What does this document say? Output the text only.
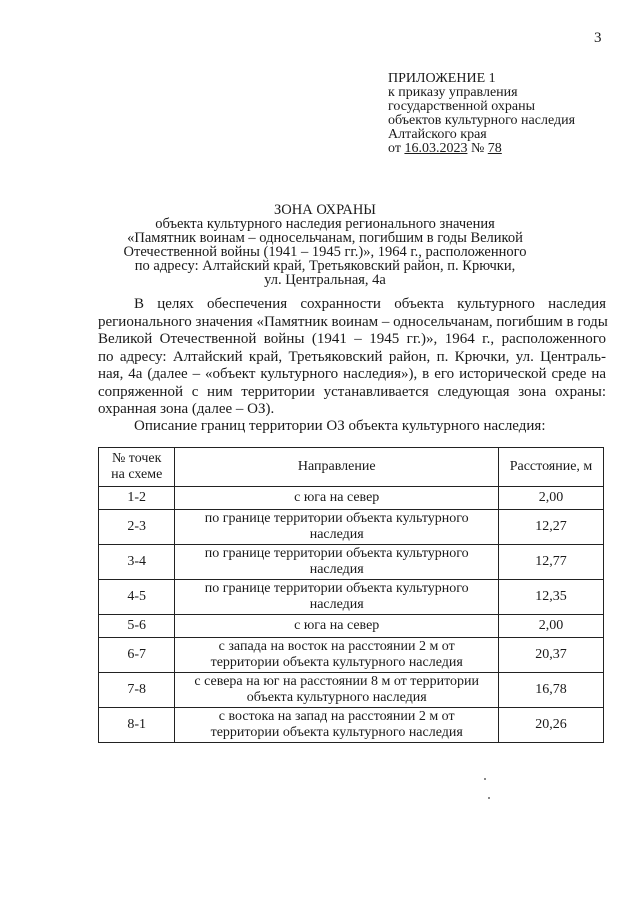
3
ПРИЛОЖЕНИЕ 1
к приказу управления
государственной охраны
объектов культурного наследия
Алтайского края
от 16.03.2023 № 78
ЗОНА ОХРАНЫ
объекта культурного наследия регионального значения
«Памятник воинам – односельчанам, погибшим в годы Великой
Отечественной войны (1941 – 1945 гг.)», 1964 г., расположенного
по адресу: Алтайский край, Третьяковский район, п. Крючки,
ул. Центральная, 4а
В целях обеспечения сохранности объекта культурного наследия
регионального значения «Памятник воинам – односельчанам, погибшим в годы
Великой Отечественной войны (1941 – 1945 гг.)», 1964 г., расположенного
по адресу: Алтайский край, Третьяковский район, п. Крючки, ул. Централь-
ная, 4а (далее – «объект культурного наследия»), в его исторической среде на
сопряженной с ним территории устанавливается следующая зона охраны:
охранная зона (далее – ОЗ).
Описание границ территории ОЗ объекта культурного наследия:
№ точек
на схеме	Направление	Расстояние, м
1-2	с юга на север	2,00
2-3	по границе территории объекта культурного
наследия	12,27
3-4	по границе территории объекта культурного
наследия	12,77
4-5	по границе территории объекта культурного
наследия	12,35
5-6	с юга на север	2,00
6-7	с запада на восток на расстоянии 2 м от
территории объекта культурного наследия	20,37
7-8	с севера на юг на расстоянии 8 м от территории
объекта культурного наследия	16,78
8-1	с востока на запад на расстоянии 2 м от
территории объекта культурного наследия	20,26
